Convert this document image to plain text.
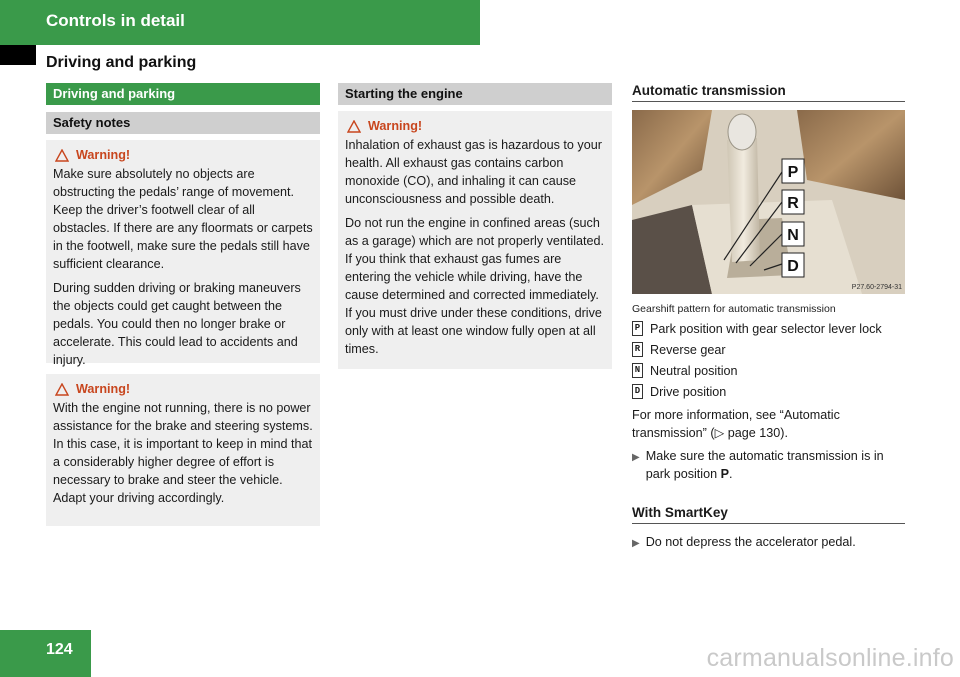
Controls in detail
Driving and parking
Driving and parking
Safety notes
Warning!

Make sure absolutely no objects are obstructing the pedals’ range of movement. Keep the driver’s footwell clear of all obstacles. If there are any floormats or carpets in the footwell, make sure the pedals still have sufficient clearance.

During sudden driving or braking maneuvers the objects could get caught between the pedals. You could then no longer brake or accelerate. This could lead to accidents and injury.

Warning!

With the engine not running, there is no power assistance for the brake and steering systems. In this case, it is important to keep in mind that a considerably higher degree of effort is necessary to brake and steer the vehicle. Adapt your driving accordingly.

Starting the engine
Warning!

Inhalation of exhaust gas is hazardous to your health. All exhaust gas contains carbon monoxide (CO), and inhaling it can cause unconsciousness and possible death.

Do not run the engine in confined areas (such as a garage) which are not properly ventilated. If you think that exhaust gas fumes are entering the vehicle while driving, have the cause determined and corrected immediately. If you must drive under these conditions, drive only with at least one window fully open at all times.

Automatic transmission
P
R
N
D
P27.60-2794-31
Gearshift pattern for automatic transmission
P Park position with gear selector lever lock
R Reverse gear
N Neutral position
D Drive position
For more information, see “Automatic transmission” (▷ page 130).
▶ Make sure the automatic transmission is in park position P.
With SmartKey
▶ Do not depress the accelerator pedal.
124	carmanualsonline.info
